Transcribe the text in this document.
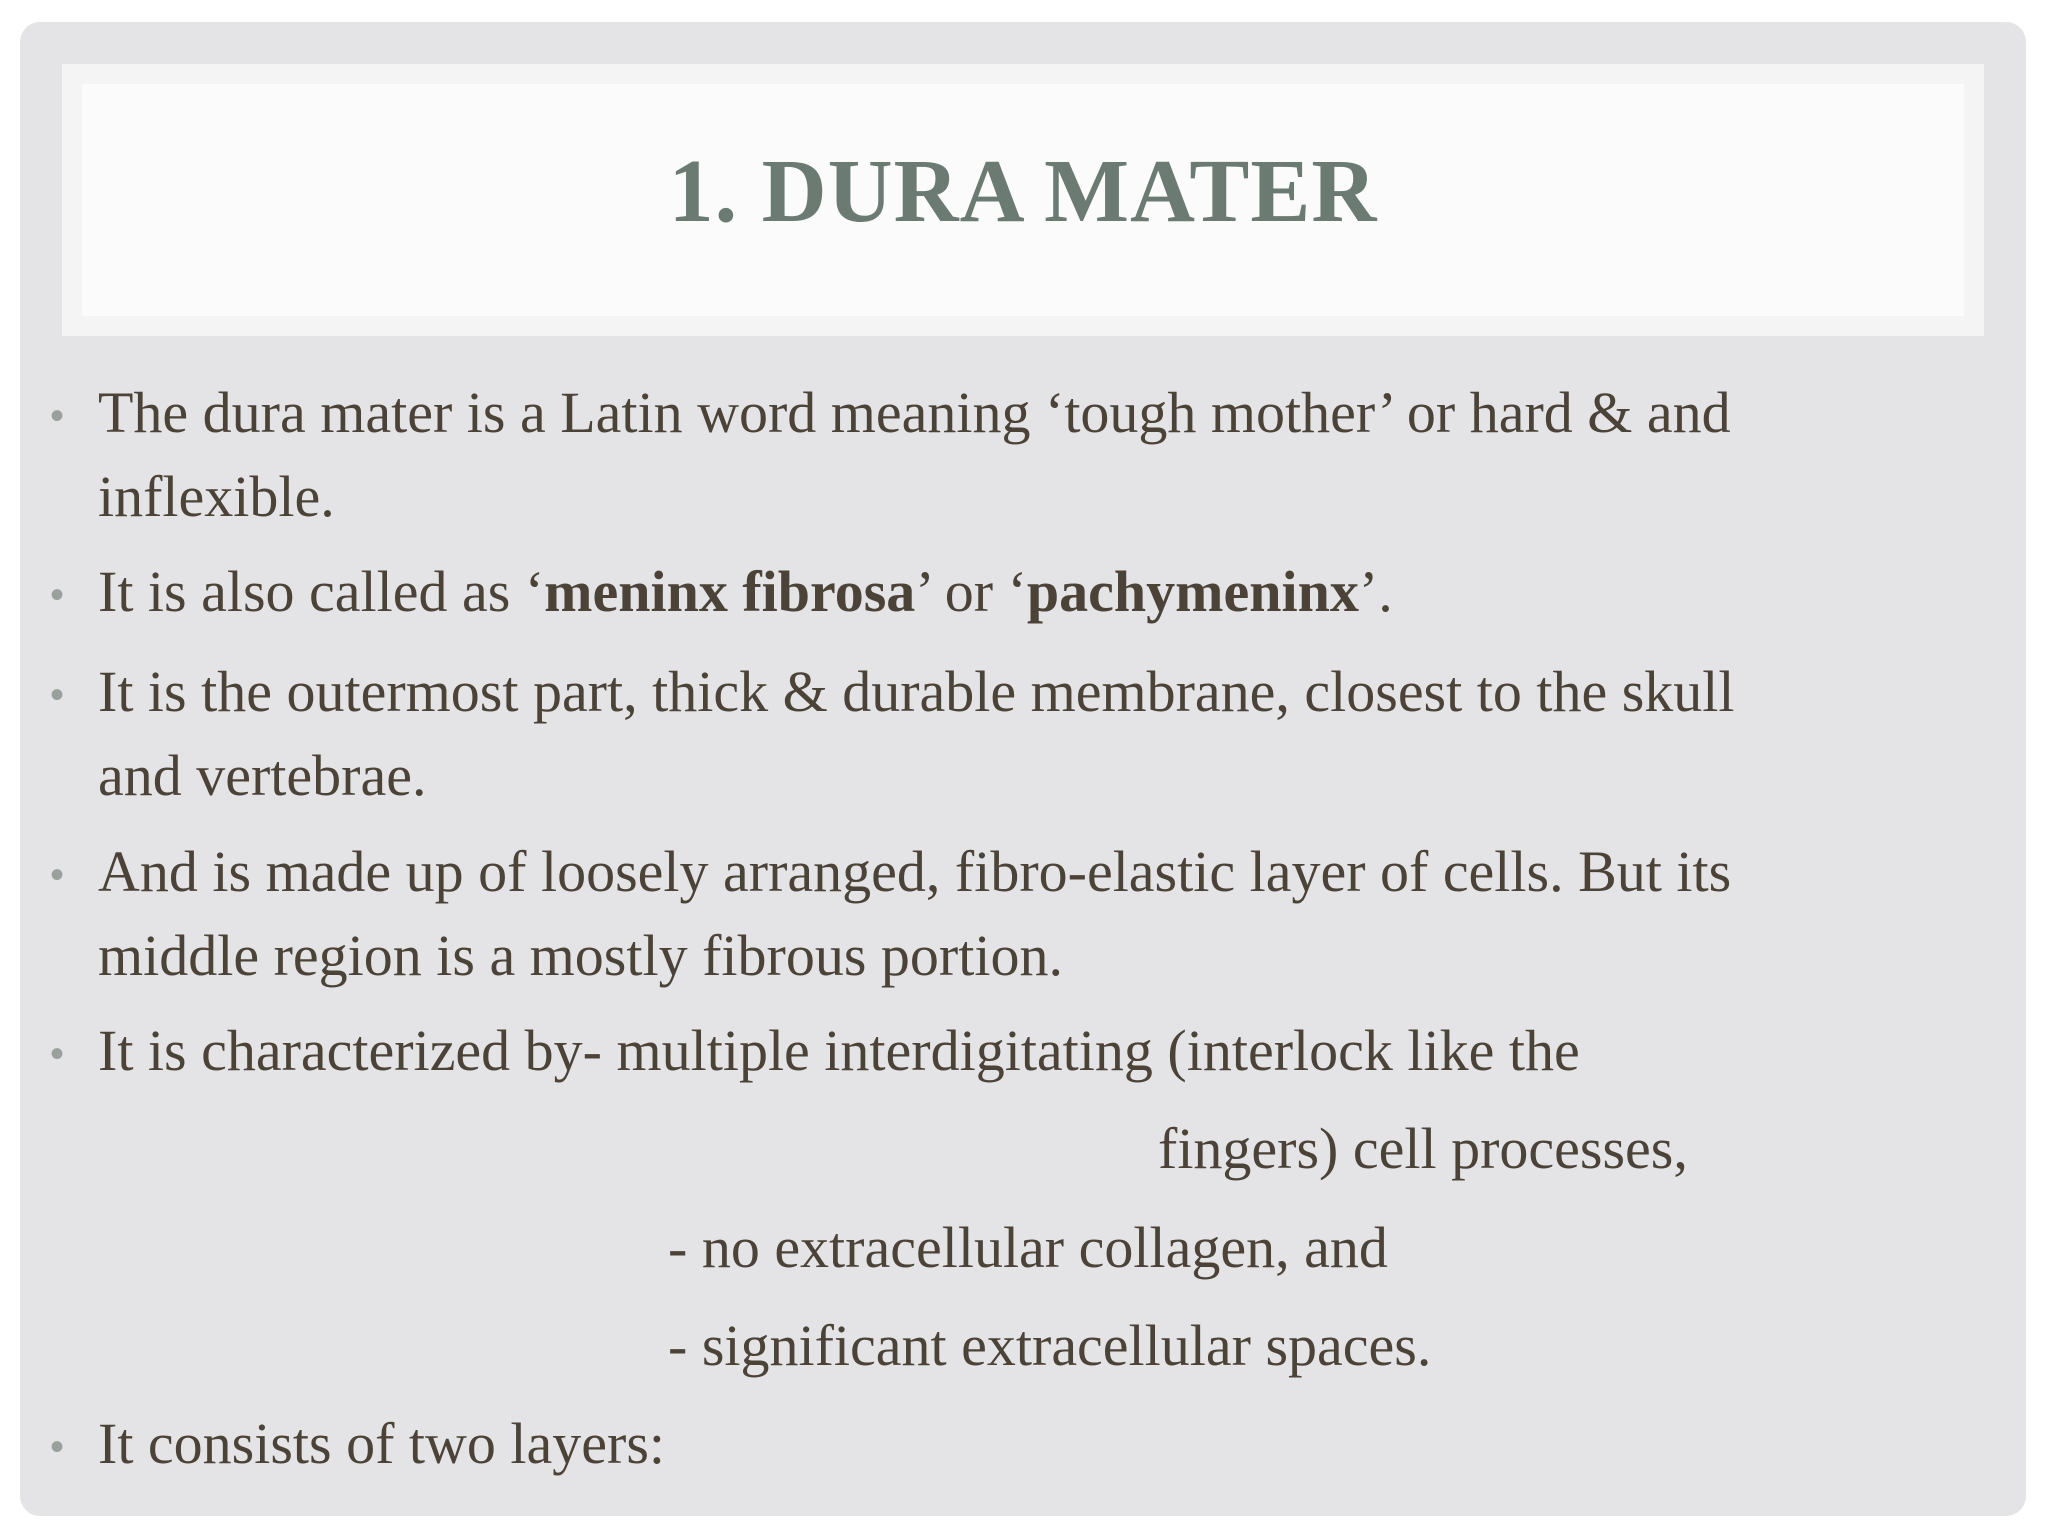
1. DURA MATER
• The dura mater is a Latin word meaning ‘tough mother’ or hard & and
inflexible.
• It is also called as ‘meninx fibrosa’ or ‘pachymeninx’.
• It is the outermost part, thick & durable membrane, closest to the skull
and vertebrae.
• And is made up of loosely arranged, fibro-elastic layer of cells. But its
middle region is a mostly fibrous portion.
• It is characterized by- multiple interdigitating (interlock like the
fingers) cell processes,
- no extracellular collagen, and
- significant extracellular spaces.
• It consists of two layers:
